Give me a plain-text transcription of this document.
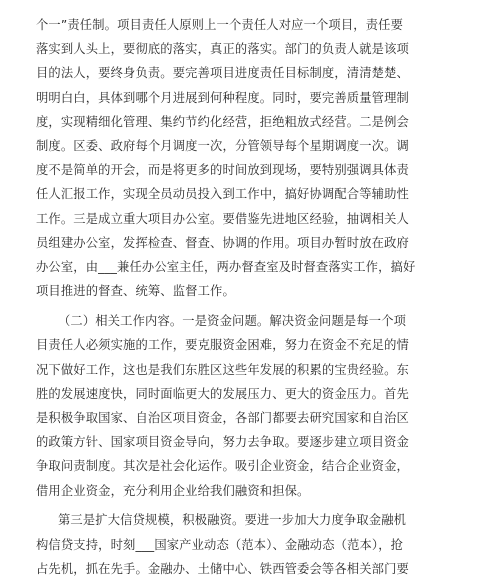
个一”责任制。项目责任人原则上一个责任人对应一个项目，责任要
落实到人头上，要彻底的落实，真正的落实。部门的负责人就是该项
目的法人，要终身负责。要完善项目进度责任目标制度，清清楚楚、
明明白白，具体到哪个月进展到何种程度。同时，要完善质量管理制
度，实现精细化管理、集约节约化经营，拒绝粗放式经营。二是例会
制度。区委、政府每个月调度一次，分管领导每个星期调度一次。调
度不是简单的开会，而是将更多的时间放到现场，要特别强调具体责
任人汇报工作，实现全员动员投入到工作中，搞好协调配合等辅助性
工作。三是成立重大项目办公室。要借鉴先进地区经验，抽调相关人
员组建办公室，发挥检查、督查、协调的作用。项目办暂时放在政府
办公室，由___兼任办公室主任，两办督查室及时督查落实工作，搞好
项目推进的督查、统筹、监督工作。
（二）相关工作内容。一是资金问题。解决资金问题是每一个项
目责任人必须实施的工作，要克服资金困难，努力在资金不充足的情
况下做好工作，这也是我们东胜区这些年发展的积累的宝贵经验。东
胜的发展速度快，同时面临更大的发展压力、更大的资金压力。首先
是积极争取国家、自治区项目资金，各部门都要去研究国家和自治区
的政策方针、国家项目资金导向，努力去争取。要逐步建立项目资金
争取问责制度。其次是社会化运作。吸引企业资金，结合企业资金，
借用企业资金，充分利用企业给我们融资和担保。
第三是扩大信贷规模，积极融资。要进一步加大力度争取金融机
构信贷支持，时刻___国家产业动态（范本）、金融动态（范本），抢
占先机，抓在先手。金融办、土储中心、铁西管委会等各相关部门要
